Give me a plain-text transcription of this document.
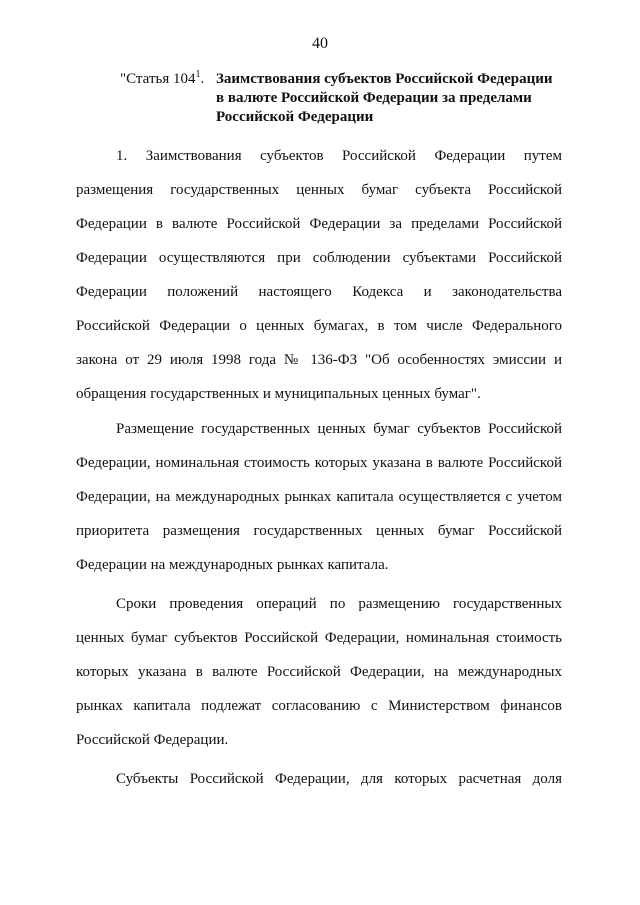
40
"Статья $104^1$. Заимствования субъектов Российской Федерации
в валюте Российской Федерации за пределами
Российской Федерации
1. Заимствования субъектов Российской Федерации путем
размещения государственных ценных бумаг субъекта Российской
Федерации в валюте Российской Федерации за пределами Российской
Федерации осуществляются при соблюдении субъектами Российской
Федерации положений настоящего Кодекса и законодательства
Российской Федерации о ценных бумагах, в том числе Федерального
закона от 29 июля 1998 года № 136-ФЗ "Об особенностях эмиссии и
обращения государственных и муниципальных ценных бумаг".
Размещение государственных ценных бумаг субъектов Российской
Федерации, номинальная стоимость которых указана в валюте Российской
Федерации, на международных рынках капитала осуществляется с учетом
приоритета размещения государственных ценных бумаг Российской
Федерации на международных рынках капитала.
Сроки проведения операций по размещению государственных
ценных бумаг субъектов Российской Федерации, номинальная стоимость
которых указана в валюте Российской Федерации, на международных
рынках капитала подлежат согласованию с Министерством финансов
Российской Федерации.
Субъекты Российской Федерации, для которых расчетная доля
